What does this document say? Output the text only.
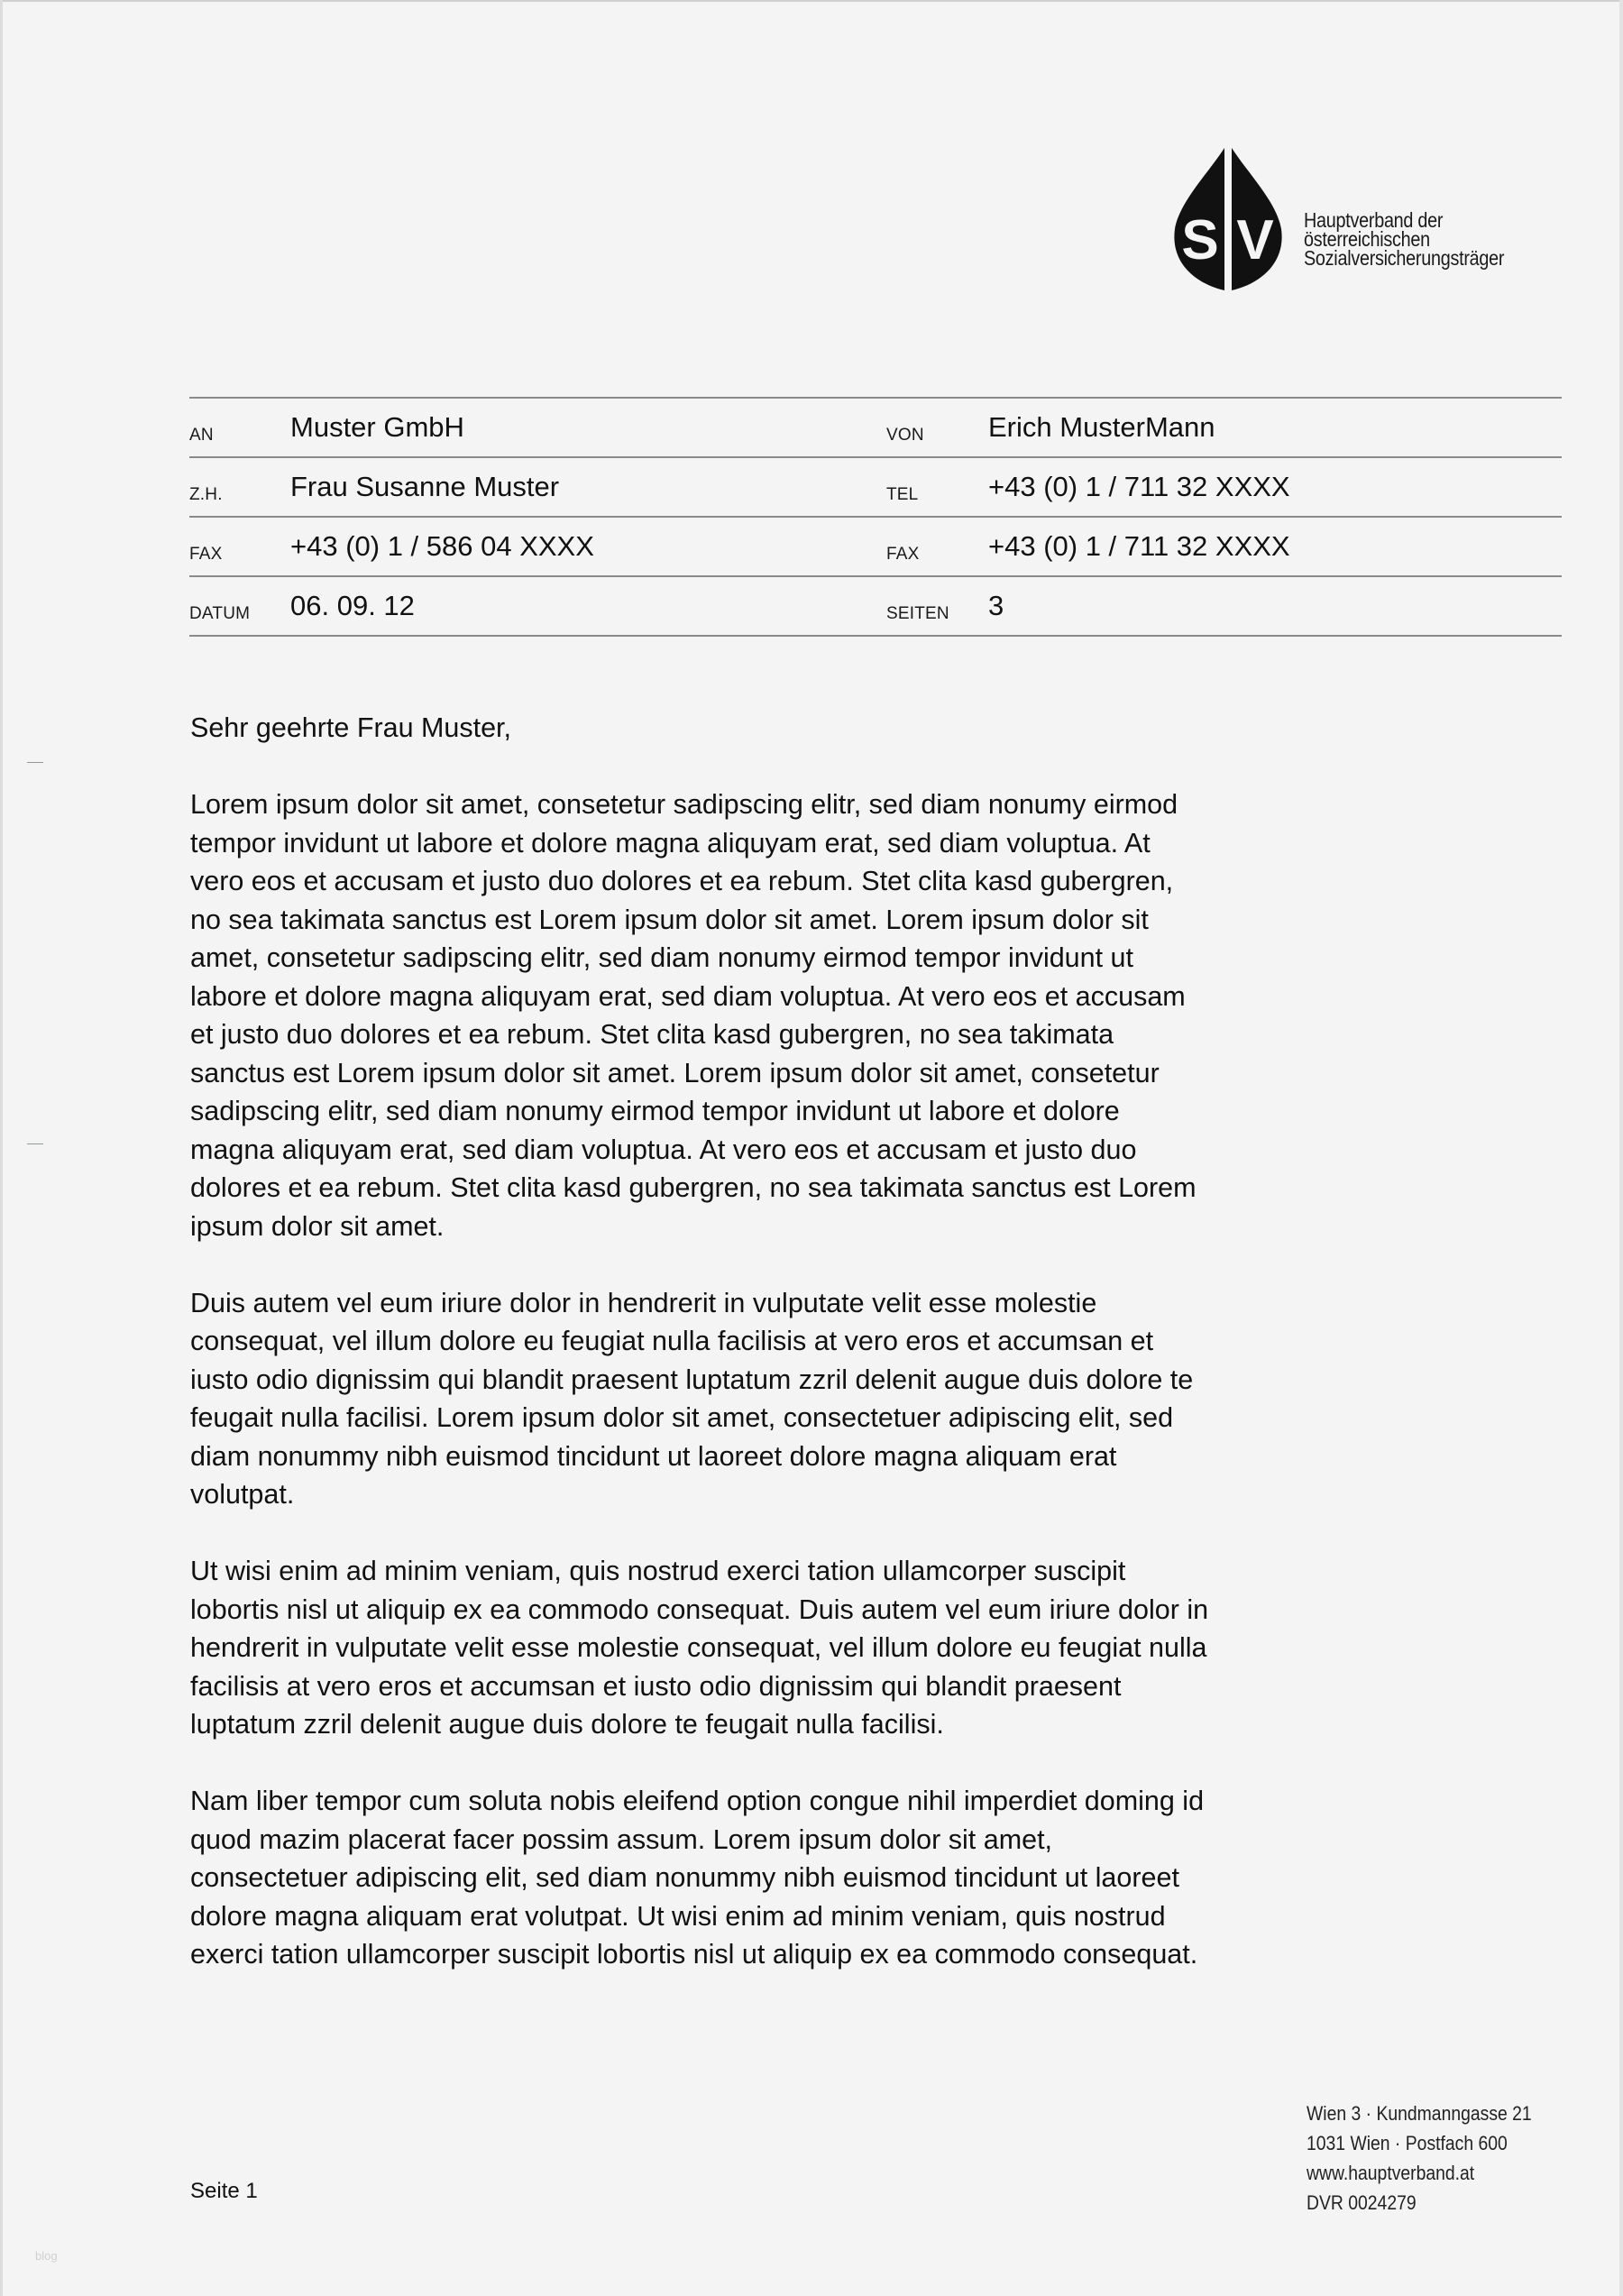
S V Hauptverband der
österreichischen
Sozialversicherungsträger
AN	Muster GmbH	VON Erich MusterMann
Z.H. Frau Susanne Muster	TEL	+43 (0) 1 / 711 32 XXXX
FAX +43 (0) 1 / 586 04 XXXX	FAX +43 (0) 1 / 711 32 XXXX
DATUM 06. 09. 12	SEITEN 3

Sehr geehrte Frau Muster,

Lorem ipsum dolor sit amet, consetetur sadipscing elitr, sed diam nonumy eirmod
tempor invidunt ut labore et dolore magna aliquyam erat, sed diam voluptua. At
vero eos et accusam et justo duo dolores et ea rebum. Stet clita kasd gubergren,
no sea takimata sanctus est Lorem ipsum dolor sit amet. Lorem ipsum dolor sit
amet, consetetur sadipscing elitr, sed diam nonumy eirmod tempor invidunt ut
labore et dolore magna aliquyam erat, sed diam voluptua. At vero eos et accusam
et justo duo dolores et ea rebum. Stet clita kasd gubergren, no sea takimata
sanctus est Lorem ipsum dolor sit amet. Lorem ipsum dolor sit amet, consetetur
sadipscing elitr, sed diam nonumy eirmod tempor invidunt ut labore et dolore
magna aliquyam erat, sed diam voluptua. At vero eos et accusam et justo duo
dolores et ea rebum. Stet clita kasd gubergren, no sea takimata sanctus est Lorem
ipsum dolor sit amet.

Duis autem vel eum iriure dolor in hendrerit in vulputate velit esse molestie
consequat, vel illum dolore eu feugiat nulla facilisis at vero eros et accumsan et
iusto odio dignissim qui blandit praesent luptatum zzril delenit augue duis dolore te
feugait nulla facilisi. Lorem ipsum dolor sit amet, consectetuer adipiscing elit, sed
diam nonummy nibh euismod tincidunt ut laoreet dolore magna aliquam erat
volutpat.

Ut wisi enim ad minim veniam, quis nostrud exerci tation ullamcorper suscipit
lobortis nisl ut aliquip ex ea commodo consequat. Duis autem vel eum iriure dolor in
hendrerit in vulputate velit esse molestie consequat, vel illum dolore eu feugiat nulla
facilisis at vero eros et accumsan et iusto odio dignissim qui blandit praesent
luptatum zzril delenit augue duis dolore te feugait nulla facilisi.

Nam liber tempor cum soluta nobis eleifend option congue nihil imperdiet doming id
quod mazim placerat facer possim assum. Lorem ipsum dolor sit amet,
consectetuer adipiscing elit, sed diam nonummy nibh euismod tincidunt ut laoreet
dolore magna aliquam erat volutpat. Ut wisi enim ad minim veniam, quis nostrud
exerci tation ullamcorper suscipit lobortis nisl ut aliquip ex ea commodo consequat.

Seite 1
Wien 3 · Kundmanngasse 21
1031 Wien · Postfach 600
www.hauptverband.at
DVR 0024279
blog
